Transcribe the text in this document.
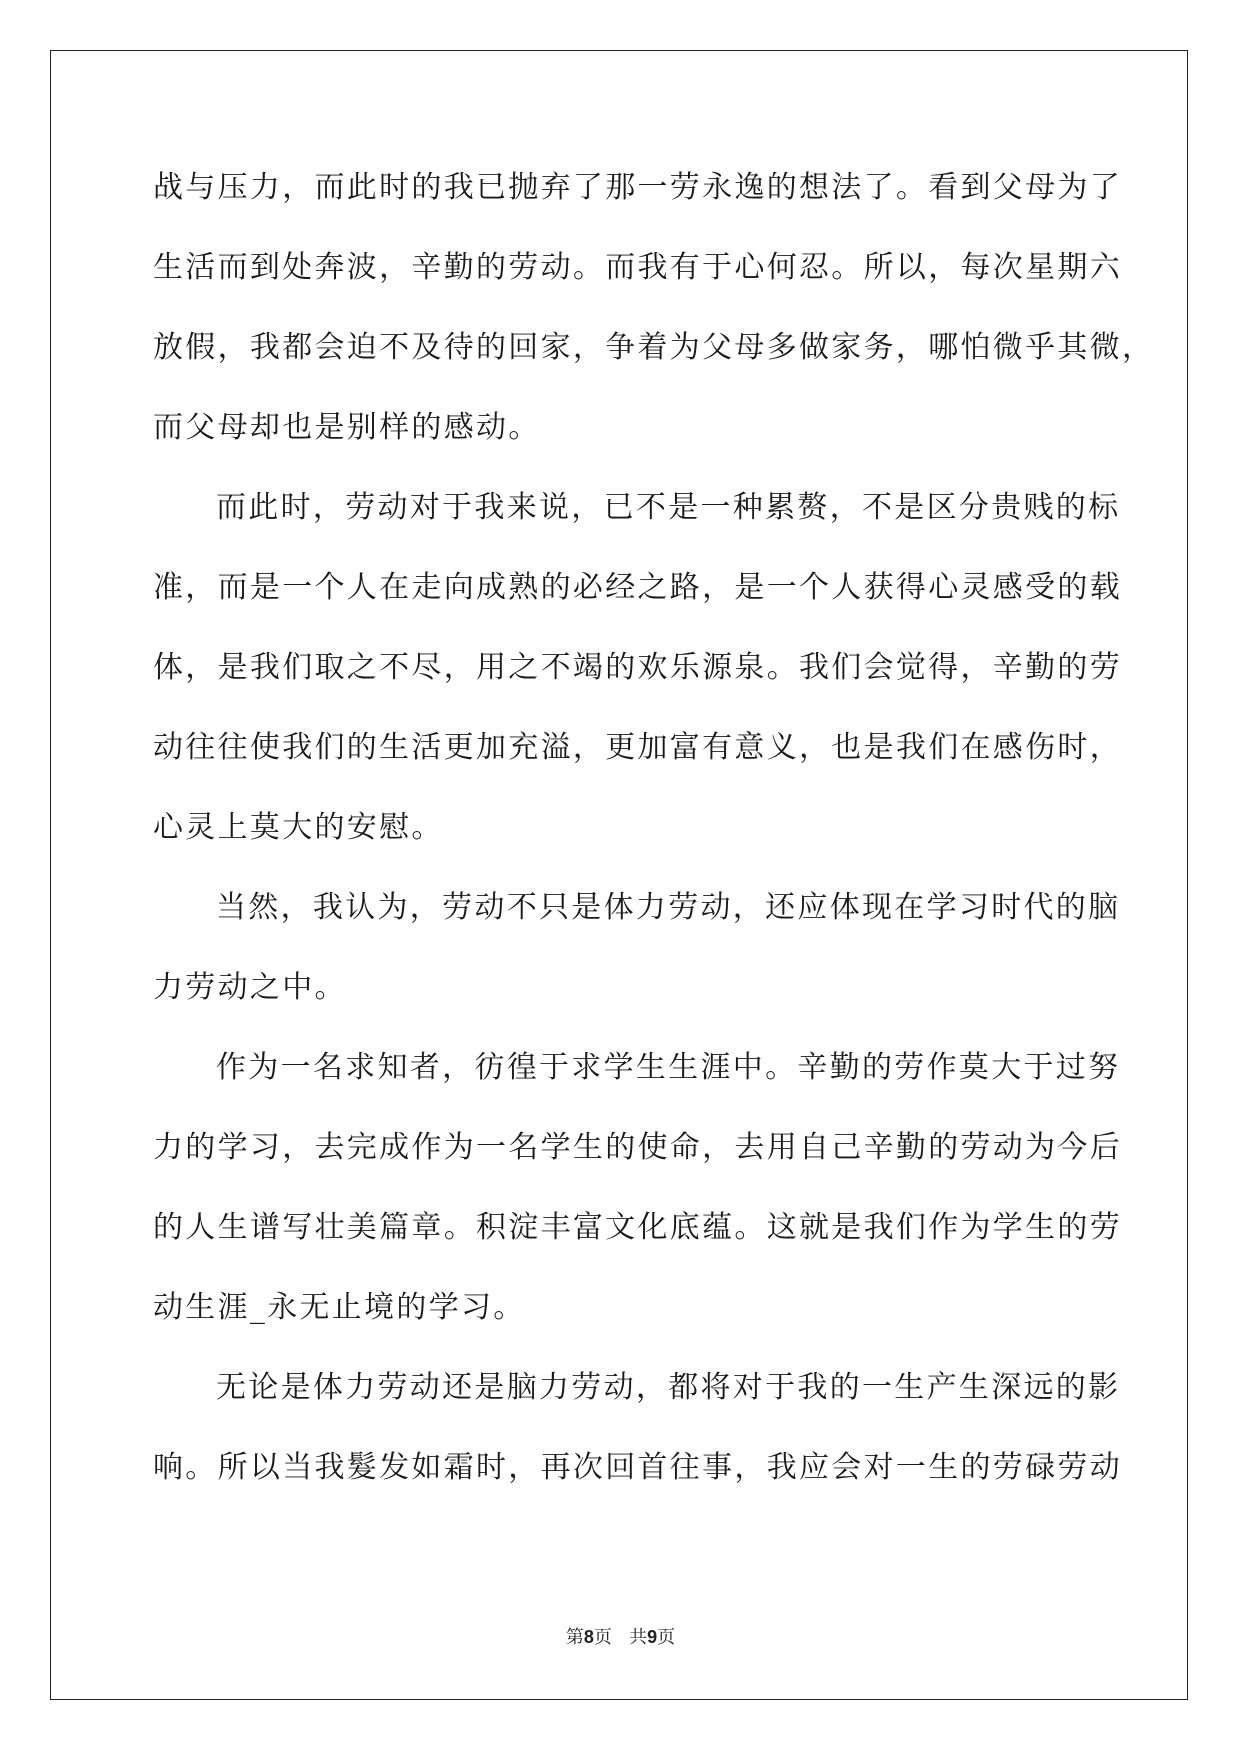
战与压力，而此时的我已抛弃了那一劳永逸的想法了。看到父母为了
生活而到处奔波，辛勤的劳动。而我有于心何忍。所以，每次星期六
放假，我都会迫不及待的回家，争着为父母多做家务，哪怕微乎其微，
而父母却也是别样的感动。
而此时，劳动对于我来说，已不是一种累赘，不是区分贵贱的标
准，而是一个人在走向成熟的必经之路，是一个人获得心灵感受的载
体，是我们取之不尽，用之不竭的欢乐源泉。我们会觉得，辛勤的劳
动往往使我们的生活更加充溢，更加富有意义，也是我们在感伤时，
心灵上莫大的安慰。
当然，我认为，劳动不只是体力劳动，还应体现在学习时代的脑
力劳动之中。
作为一名求知者，彷徨于求学生生涯中。辛勤的劳作莫大于过努
力的学习，去完成作为一名学生的使命，去用自己辛勤的劳动为今后
的人生谱写壮美篇章。积淀丰富文化底蕴。这就是我们作为学生的劳
动生涯_永无止境的学习。
无论是体力劳动还是脑力劳动，都将对于我的一生产生深远的影
响。所以当我髮发如霜时，再次回首往事，我应会对一生的劳碌劳动
第8页 共9页
